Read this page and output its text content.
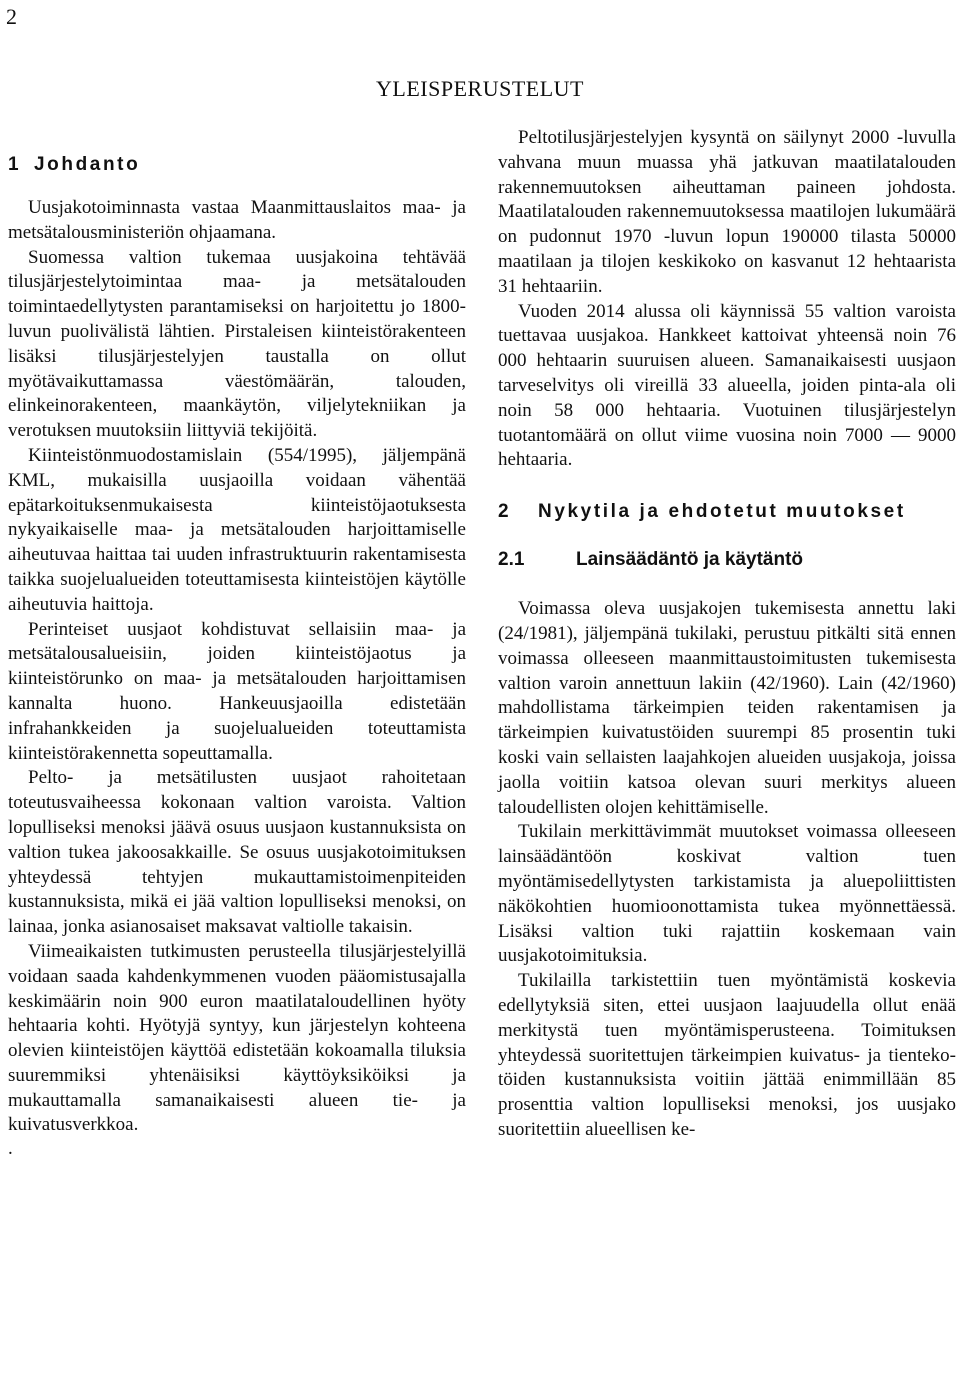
2
YLEISPERUSTELUT
1 Johdanto

Uusjakotoiminnasta vastaa Maanmittauslaitos maa- ja metsätalousministeriön ohjaamana.

Suomessa valtion tukemaa uusjakoina tehtävää tilusjärjestelytoimintaa maa- ja metsätalouden toimintaedellytysten parantamiseksi on harjoitettu jo 1800-luvun puolivälistä lähtien. Pirstaleisen kiinteistörakenteen lisäksi tilusjärjestelyjen taustalla on ollut myötävaikuttamassa väestömäärän, talouden, elinkeinorakenteen, maankäytön, viljelytekniikan ja verotuksen muutoksiin liittyviä tekijöitä.

Kiinteistönmuodostamislain (554/1995), jäljempänä KML, mukaisilla uusjaoilla voidaan vähentää epätarkoituksenmukaisesta kiinteistöjaotuksesta nykyaikaiselle maa- ja metsätalouden harjoittamiselle aiheutuvaa haittaa tai uuden infrastruktuurin rakentamisesta taikka suojelualueiden toteuttamisesta kiinteistöjen käytölle aiheutuvia haittoja.

Perinteiset uusjaot kohdistuvat sellaisiin maa- ja metsätalousalueisiin, joiden kiinteistöjaotus ja kiinteistörunko on maa- ja metsätalouden harjoittamisen kannalta huono. Hankeuusjaoilla edistetään infrahankkeiden ja suojelualueiden toteuttamista kiinteistörakennetta sopeuttamalla.

Pelto- ja metsätilusten uusjaot rahoitetaan toteutusvaiheessa kokonaan valtion varoista. Valtion lopulliseksi menoksi jäävä osuus uusjaon kustannuksista on valtion tukea jakoosakkaille. Se osuus uusjakotoimituksen yhteydessä tehtyjen mukauttamistoimenpiteiden kustannuksista, mikä ei jää valtion lopulliseksi menoksi, on lainaa, jonka asianosaiset maksavat valtiolle takaisin.

Viimeaikaisten tutkimusten perusteella tilusjärjestelyillä voidaan saada kahdenkymmenen vuoden pääomistusajalla keskimäärin noin 900 euron maatilataloudellinen hyöty hehtaaria kohti. Hyötyjä syntyy, kun järjestelyn kohteena olevien kiinteistöjen käyttöä edistetään kokoamalla tiluksia suuremmiksi yhtenäisiksi käyttöyksiköiksi ja mukauttamalla samanaikaisesti alueen tie- ja kuivatusverkkoa.

.

Peltotilusjärjestelyjen kysyntä on säilynyt 2000 -luvulla vahvana muun muassa yhä jatkuvan maatilatalouden rakennemuutoksen aiheuttaman paineen johdosta. Maatilatalouden rakennemuutoksessa maatilojen lukumäärä on pudonnut 1970 -luvun lopun 190000 tilasta 50000 maatilaan ja tilojen keskikoko on kasvanut 12 hehtaarista 31 hehtaariin.

Vuoden 2014 alussa oli käynnissä 55 valtion varoista tuettavaa uusjakoa. Hankkeet kattoivat yhteensä noin 76 000 hehtaarin suuruisen alueen. Samanaikaisesti uusjaon tarveselvitys oli vireillä 33 alueella, joiden pinta-ala oli noin 58 000 hehtaaria. Vuotuinen tilusjärjestelyn tuotantomäärä on ollut viime vuosina noin 7000 — 9000 hehtaaria.

2 Nykytila ja ehdotetut muutokset
2.1	Lainsäädäntö ja käytäntö

Voimassa oleva uusjakojen tukemisesta annettu laki (24/1981), jäljempänä tukilaki, perustuu pitkälti sitä ennen voimassa olleeseen maanmittaustoimitusten tukemisesta valtion varoin annettuun lakiin (42/1960). Lain (42/1960) mahdollistama tärkeimpien teiden rakentamisen ja tärkeimpien kuivatustöiden suurempi 85 prosentin tuki koski vain sellaisten laajahkojen alueiden uusjakoja, joissa jaolla voitiin katsoa olevan suuri merkitys alueen taloudellisten olojen kehittämiselle.

Tukilain merkittävimmät muutokset voimassa olleeseen lainsäädäntöön koskivat valtion tuen myöntämisedellytysten tarkistamista ja aluepoliittisten näkökohtien huomioonottamista tukea myönnettäessä. Lisäksi valtion tuki rajattiin koskemaan vain uusjakotoimituksia.

Tukilailla tarkistettiin tuen myöntämistä koskevia edellytyksiä siten, ettei uusjaon laajuudella ollut enää merkitystä tuen myöntämisperusteena. Toimituksen yhteydessä suoritettujen tärkeimpien kuivatus- ja tientekotöiden kustannuksista voitiin jättää enimmillään 85 prosenttia valtion lopulliseksi menoksi, jos uusjako suoritettiin alueellisen ke-
